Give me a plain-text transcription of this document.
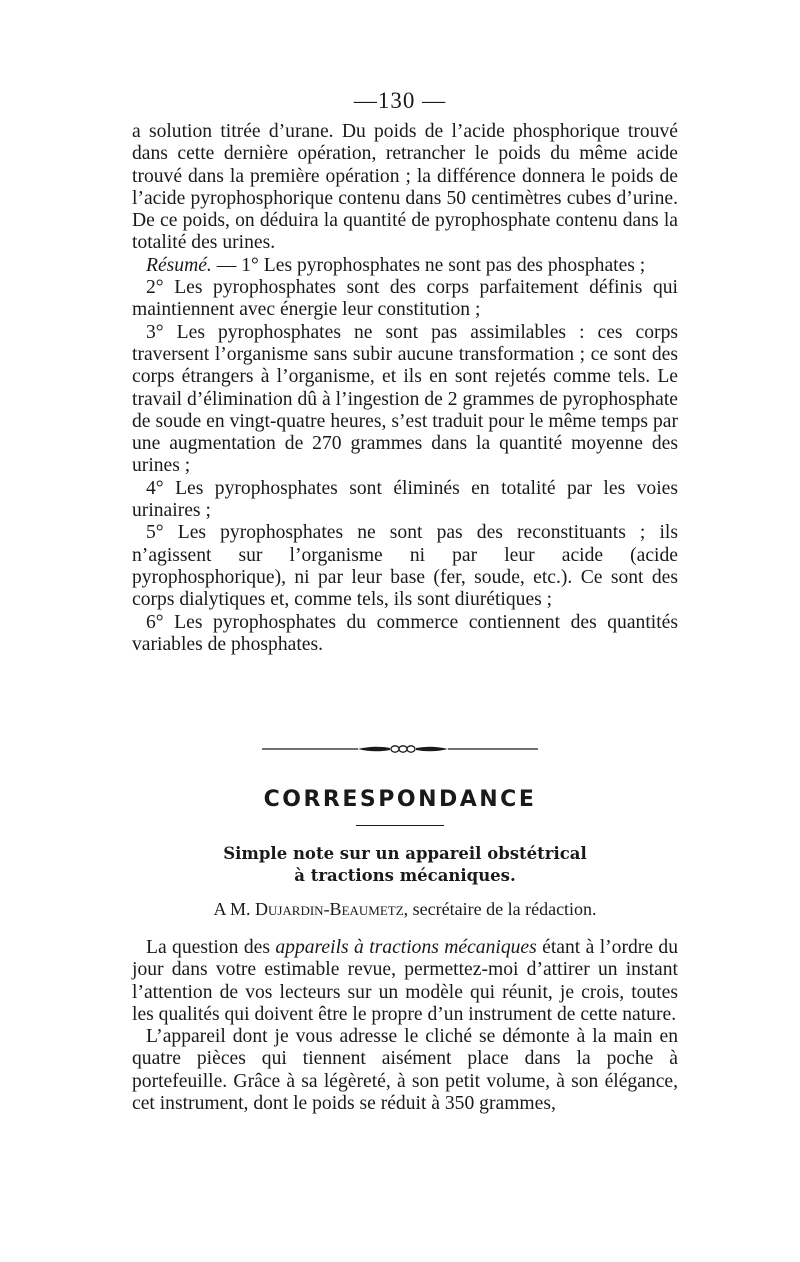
—‌130 —

a solution titrée d’urane. Du poids de l’acide phosphorique trouvé dans cette dernière opération, retrancher le poids du même acide trouvé dans la première opération ; la différence donnera le poids de l’acide pyrophosphorique contenu dans 50 centimètres cubes d’urine. De ce poids, on déduira la quantité de pyrophosphate contenu dans la totalité des urines.

Résumé. — 1° Les pyrophosphates ne sont pas des phosphates ;

2° Les pyrophosphates sont des corps parfaitement définis qui maintiennent avec énergie leur constitution ;

3° Les pyrophosphates ne sont pas assimilables : ces corps traversent l’organisme sans subir aucune transformation ; ce sont des corps étrangers à l’organisme, et ils en sont rejetés comme tels. Le travail d’élimination dû à l’ingestion de 2 grammes de pyrophosphate de soude en vingt-quatre heures, s’est traduit pour le même temps par une augmentation de 270 grammes dans la quantité moyenne des urines ;

4° Les pyrophosphates sont éliminés en totalité par les voies urinaires ;

5° Les pyrophosphates ne sont pas des reconstituants ; ils n’agissent sur l’organisme ni par leur acide (acide pyrophosphorique), ni par leur base (fer, soude, etc.). Ce sont des corps dialytiques et, comme tels, ils sont diurétiques ;

6° Les pyrophosphates du commerce contiennent des quantités variables de phosphates.

CORRESPONDANCE
Simple note sur un appareil obstétrical
à tractions mécaniques.
A M. Dujardin-Beaumetz, secrétaire de la rédaction.

La question des appareils à tractions mécaniques étant à l’ordre du jour dans votre estimable revue, permettez-moi d’attirer un instant l’attention de vos lecteurs sur un modèle qui réunit, je crois, toutes les qualités qui doivent être le propre d’un instrument de cette nature.

L’appareil dont je vous adresse le cliché se démonte à la main en quatre pièces qui tiennent aisément place dans la poche à portefeuille. Grâce à sa légèreté, à son petit volume, à son élégance, cet instrument, dont le poids se réduit à 350 grammes,
